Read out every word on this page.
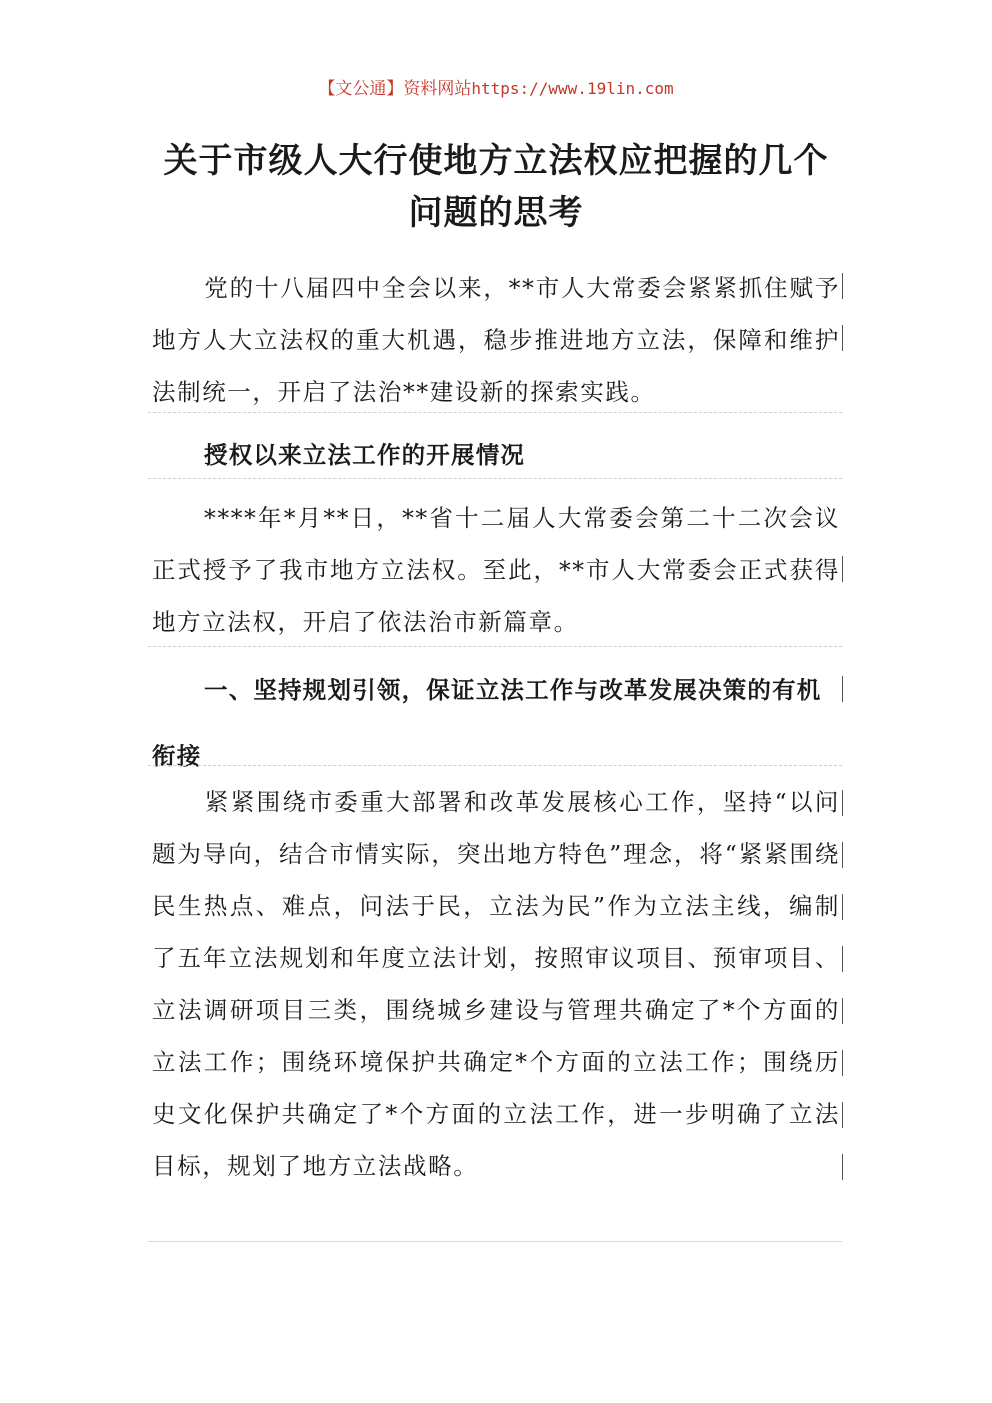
【文公通】资料网站https://www.19lin.com
关于市级人大行使地方立法权应把握的几个问题的思考
党的十八届四中全会以来，**市人大常委会紧紧抓住赋予地方人大立法权的重大机遇，稳步推进地方立法，保障和维护法制统一，开启了法治**建设新的探索实践。
授权以来立法工作的开展情况
****年*月**日，**省十二届人大常委会第二十二次会议正式授予了我市地方立法权。至此，**市人大常委会正式获得地方立法权，开启了依法治市新篇章。
一、坚持规划引领，保证立法工作与改革发展决策的有机衔接
紧紧围绕市委重大部署和改革发展核心工作，坚持“以问题为导向，结合市情实际，突出地方特色”理念，将“紧紧围绕民生热点、难点，问法于民，立法为民”作为立法主线，编制了五年立法规划和年度立法计划，按照审议项目、预审项目、立法调研项目三类，围绕城乡建设与管理共确定了*个方面的立法工作；围绕环境保护共确定*个方面的立法工作；围绕历史文化保护共确定了*个方面的立法工作，进一步明确了立法目标，规划了地方立法战略。
